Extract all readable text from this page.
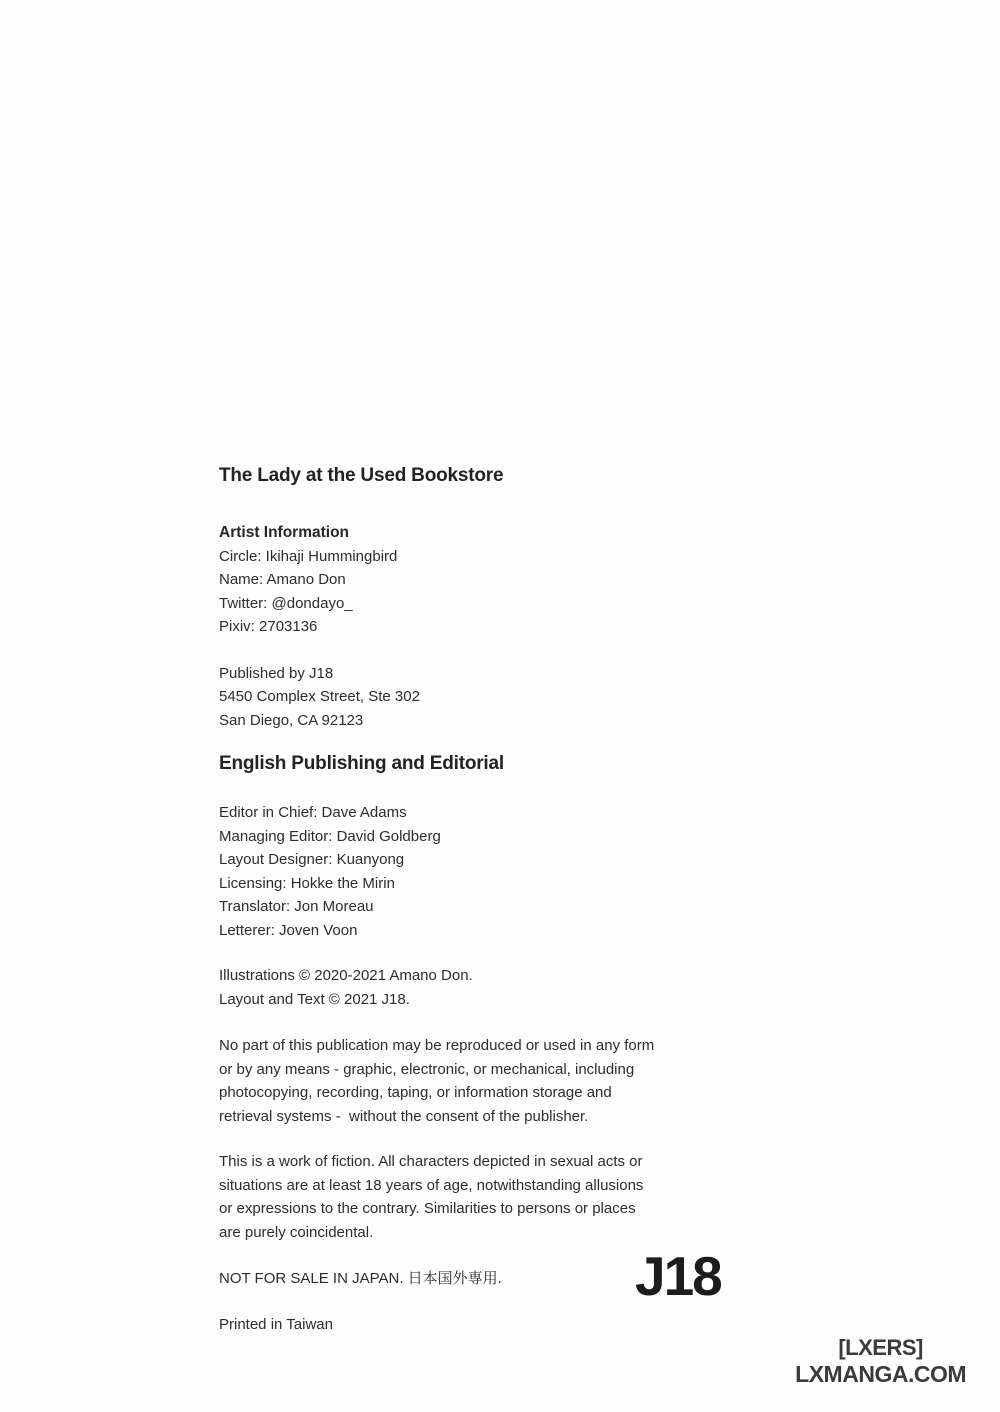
The Lady at the Used Bookstore
Artist Information
Circle: Ikihaji Hummingbird
Name: Amano Don
Twitter: @dondayo_
Pixiv: 2703136
Published by J18
5450 Complex Street, Ste 302
San Diego, CA 92123
English Publishing and Editorial
Editor in Chief: Dave Adams
Managing Editor: David Goldberg
Layout Designer: Kuanyong
Licensing: Hokke the Mirin
Translator: Jon Moreau
Letterer: Joven Voon
Illustrations © 2020-2021 Amano Don.
Layout and Text © 2021 J18.
No part of this publication may be reproduced or used in any form
or by any means - graphic, electronic, or mechanical, including
photocopying, recording, taping, or information storage and
retrieval systems -  without the consent of the publisher.
This is a work of fiction. All characters depicted in sexual acts or
situations are at least 18 years of age, notwithstanding allusions
or expressions to the contrary. Similarities to persons or places
are purely coincidental.
NOT FOR SALE IN JAPAN. 日本国外専用.
Printed in Taiwan
J18
[LXERS]
LXMANGA.COM
